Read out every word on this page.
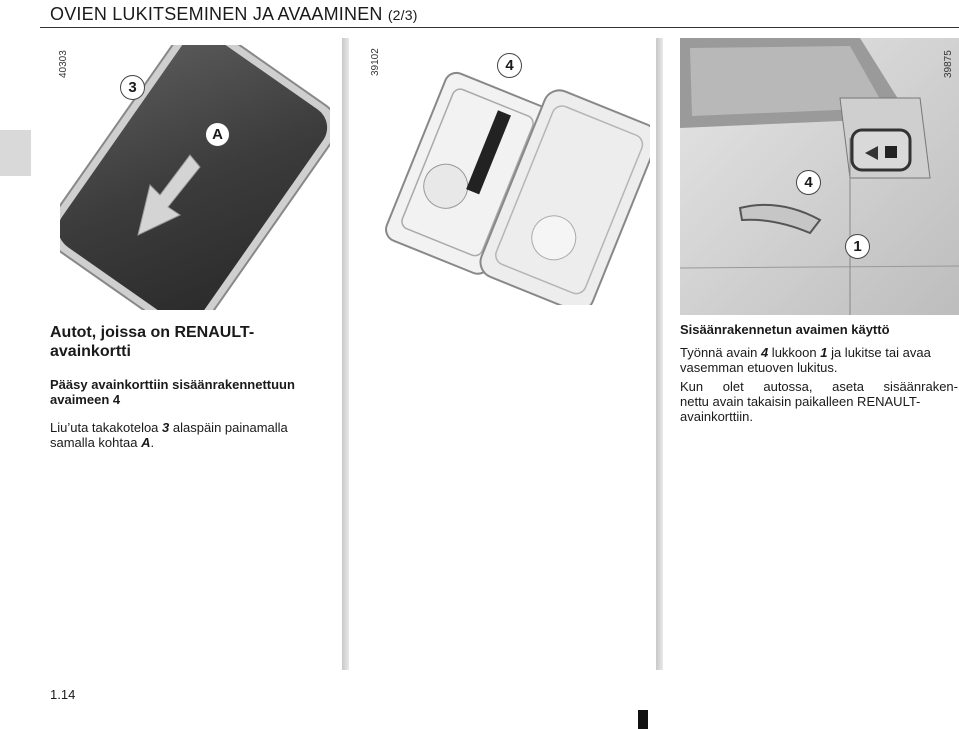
OVIEN LUKITSEMINEN JA AVAAMINEN (2/3)
40303
3
A
39102	4	39875
4
1
Autot, joissa on RENAULT-
avainkortti
Pääsy avainkorttiin sisäänrakennettuun
avaimeen 4
Liu’uta takakoteloa 3 alaspäin painamalla
samalla kohtaa A.
Sisäänrakennetun avaimen käyttö
Työnnä avain 4 lukkoon 1 ja lukitse tai avaa
vasemman etuoven lukitus.
Kun olet autossa, aseta sisäänraken-
nettu avain takaisin paikalleen RENAULT-
avainkorttiin.
1.14
